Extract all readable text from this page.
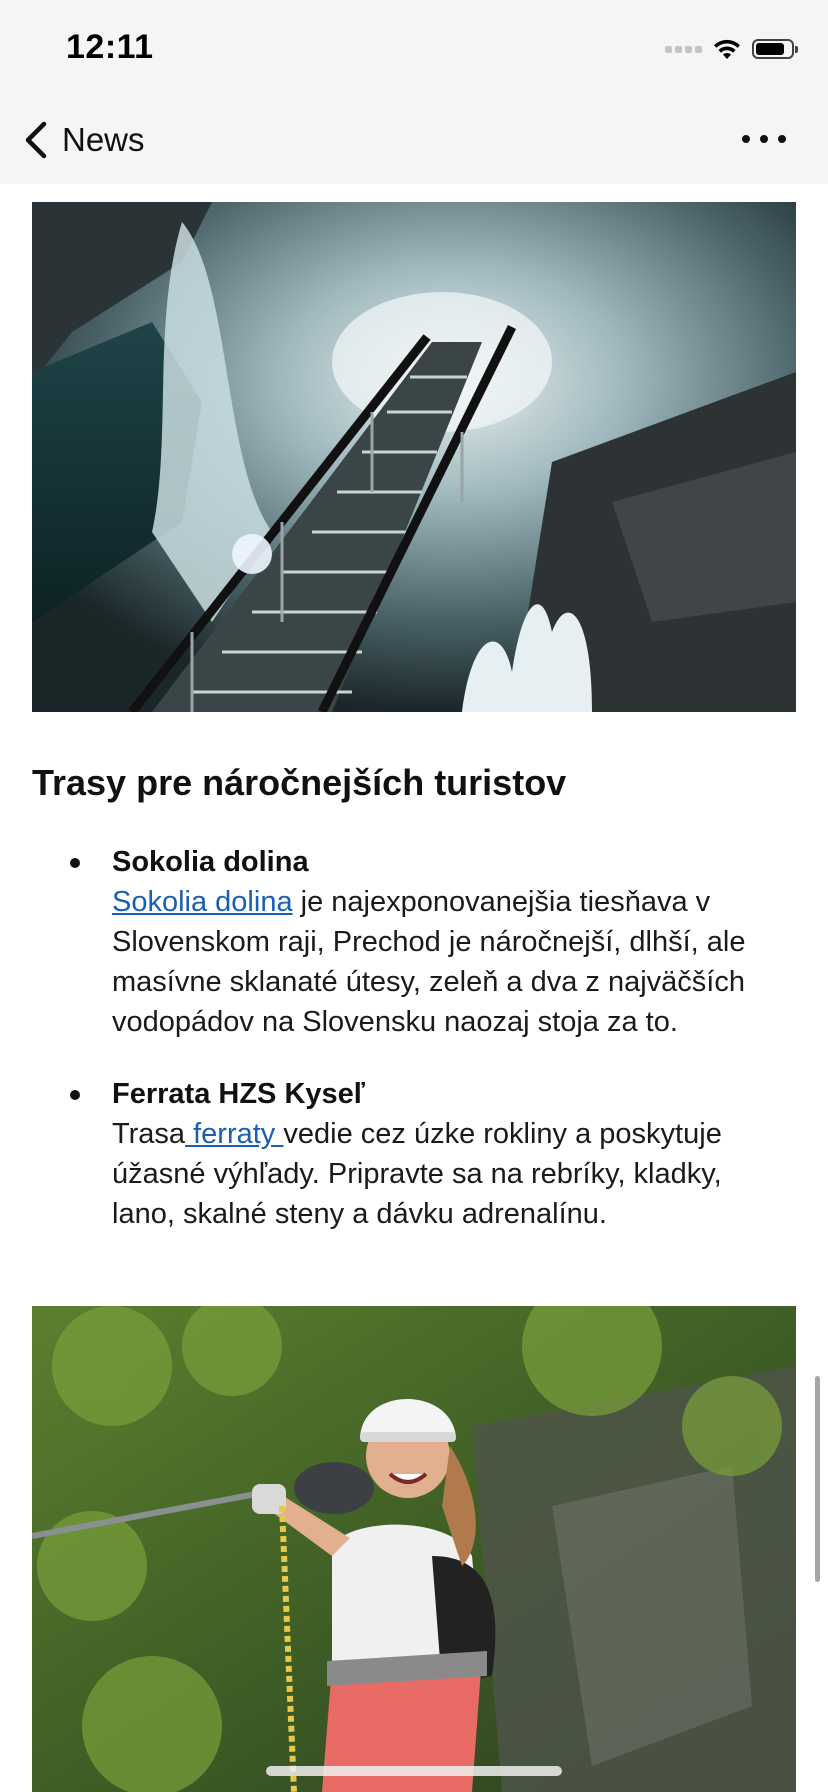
12:11
News
Trasy pre náročnejších turistov
Sokolia dolina
Sokolia dolina je najexponovanejšia tiesňava v Slovenskom raji, Prechod je náročnejší, dlhší, ale masívne sklanaté útesy, zeleň a dva z najväčších vodopádov na Slovensku naozaj stoja za to.
Ferrata HZS Kyseľ
Trasa ferraty vedie cez úzke rokliny a poskytuje úžasné výhľady. Pripravte sa na rebríky, kladky, lano, skalné steny a dávku adrenalínu.
